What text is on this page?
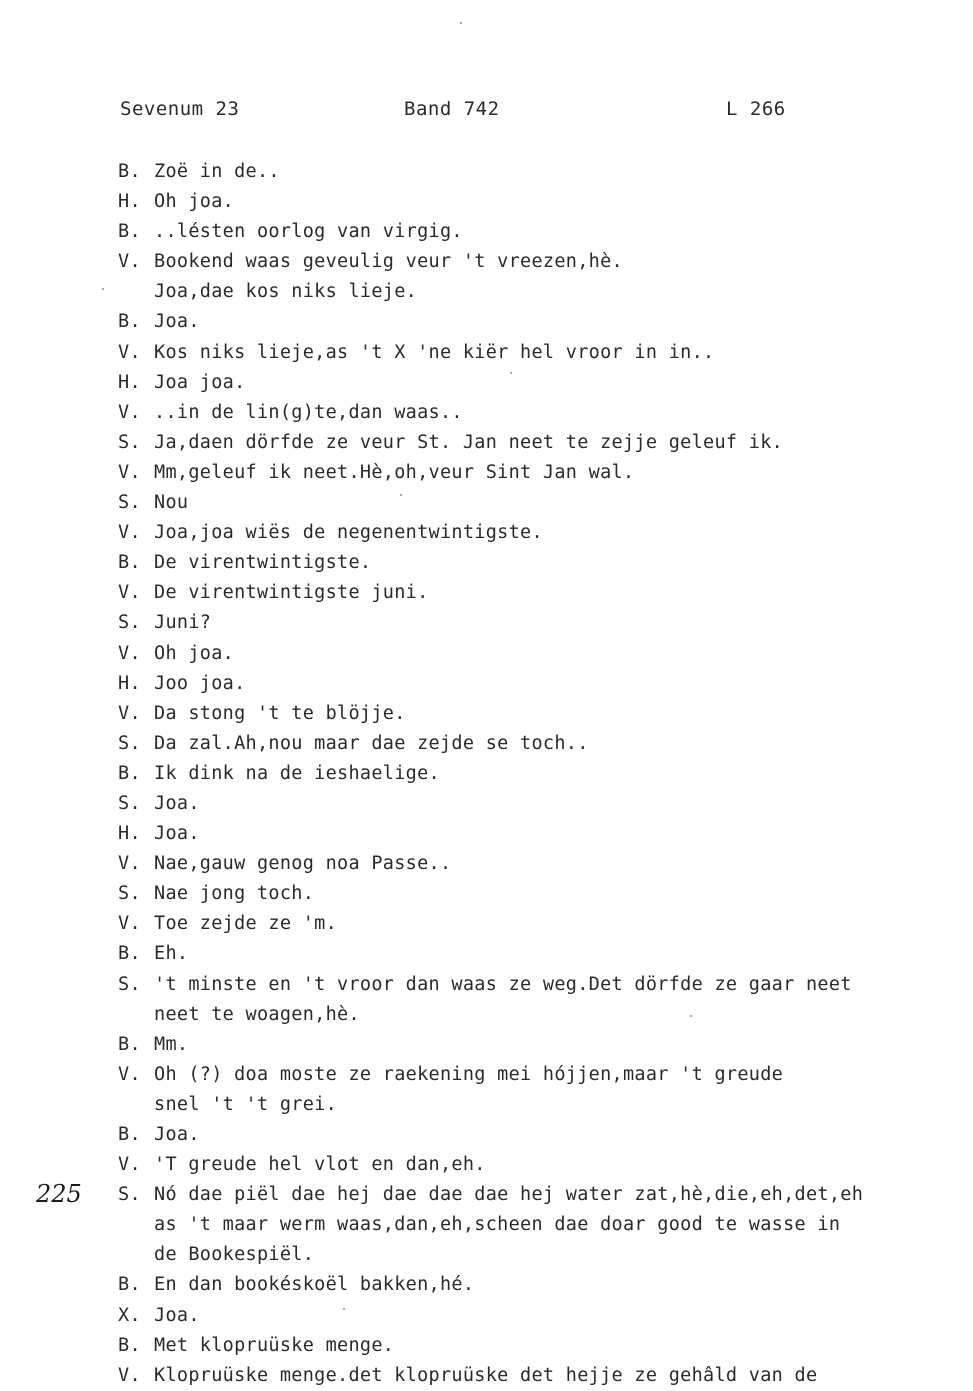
Sevenum 23	Band 742	L 266
225
B. Zoë in de..
H. Oh joa.
B. ..lésten oorlog van virgig.
V. Bookend waas geveulig veur 't vreezen,hè.
Joa,dae kos niks lieje.
B. Joa.
V. Kos niks lieje,as 't X 'ne kiër hel vroor in in..
H. Joa joa.
V. ..in de lin(g)te,dan waas..
S. Ja,daen dörfde ze veur St. Jan neet te zejje geleuf ik.
V. Mm,geleuf ik neet.Hè,oh,veur Sint Jan wal.
S. Nou
V. Joa,joa wiës de negenentwintigste.
B. De virentwintigste.
V. De virentwintigste juni.
S. Juni?
V. Oh joa.
H. Joo joa.
V. Da stong 't te blöjje.
S. Da zal.Ah,nou maar dae zejde se toch..
B. Ik dink na de ieshaelige.
S. Joa.
H. Joa.
V. Nae,gauw genog noa Passe..
S. Nae jong toch.
V. Toe zejde ze 'm.
B. Eh.
S. 't minste en 't vroor dan waas ze weg.Det dörfde ze gaar neet
neet te woagen,hè.
B. Mm.
V. Oh (?) doa moste ze raekening mei hójjen,maar 't greude
snel 't 't grei.
B. Joa.
V. 'T greude hel vlot en dan,eh.
S. Nó dae piël dae hej dae dae dae hej water zat,hè,die,eh,det,eh
as 't maar werm waas,dan,eh,scheen dae doar good te wasse in
de Bookespiël.
B. En dan bookéskoël bakken,hé.
X. Joa.
B. Met klopruüske menge.
V. Klopruüske menge.det klopruüske det hejje ze gehâld van de
